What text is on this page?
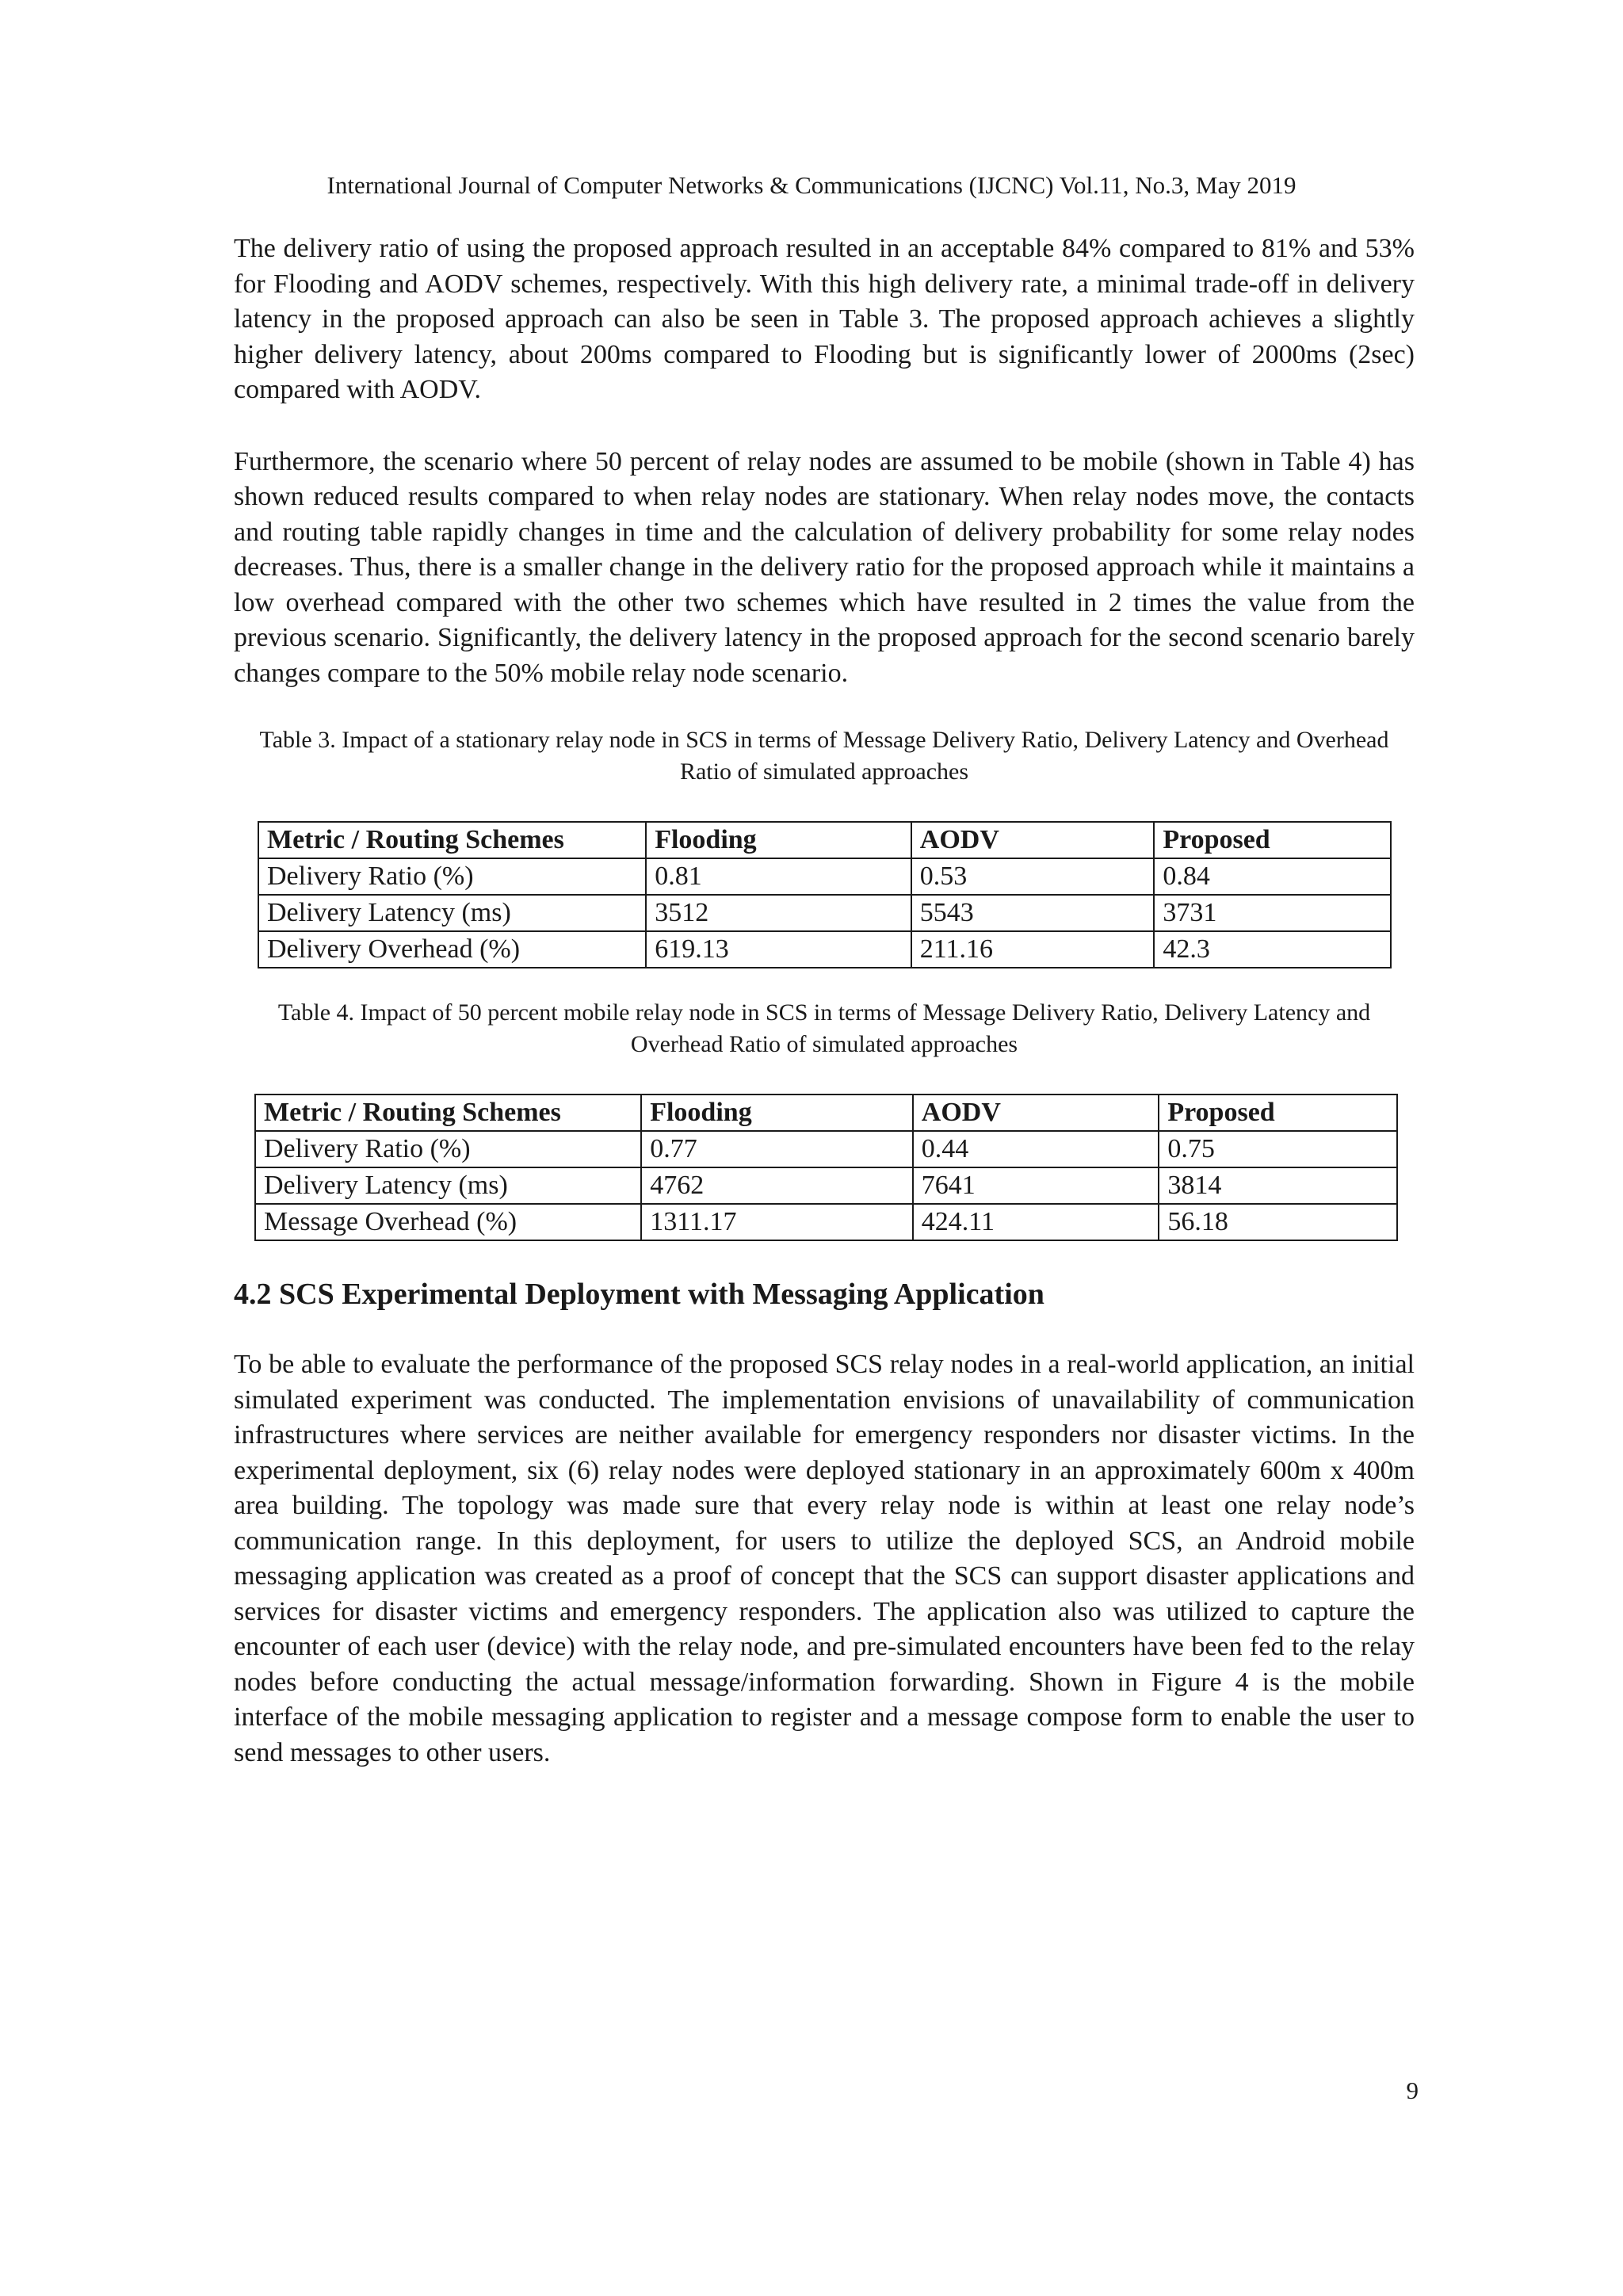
International Journal of Computer Networks & Communications (IJCNC) Vol.11, No.3, May 2019

The delivery ratio of using the proposed approach resulted in an acceptable 84% compared to 81% and 53% for Flooding and AODV schemes, respectively. With this high delivery rate, a minimal trade-off in delivery latency in the proposed approach can also be seen in Table 3. The proposed approach achieves a slightly higher delivery latency, about 200ms compared to Flooding but is significantly lower of 2000ms (2sec) compared with AODV.

Furthermore, the scenario where 50 percent of relay nodes are assumed to be mobile (shown in Table 4) has shown reduced results compared to when relay nodes are stationary. When relay nodes move, the contacts and routing table rapidly changes in time and the calculation of delivery probability for some relay nodes decreases. Thus, there is a smaller change in the delivery ratio for the proposed approach while it maintains a low overhead compared with the other two schemes which have resulted in 2 times the value from the previous scenario. Significantly, the delivery latency in the proposed approach for the second scenario barely changes compare to the 50% mobile relay node scenario.

Table 3. Impact of a stationary relay node in SCS in terms of Message Delivery Ratio, Delivery Latency and Overhead Ratio of simulated approaches

Metric / Routing Schemes	Flooding	AODV	Proposed
Delivery Ratio (%)	0.81	0.53	0.84
Delivery Latency (ms)	3512	5543	3731
Delivery Overhead (%)	619.13	211.16	42.3

Table 4. Impact of 50 percent mobile relay node in SCS in terms of Message Delivery Ratio, Delivery Latency and Overhead Ratio of simulated approaches

Metric / Routing Schemes	Flooding	AODV	Proposed
Delivery Ratio (%)	0.77	0.44	0.75
Delivery Latency (ms)	4762	7641	3814
Message Overhead (%)	1311.17	424.11	56.18
4.2 SCS Experimental Deployment with Messaging Application

To be able to evaluate the performance of the proposed SCS relay nodes in a real-world application, an initial simulated experiment was conducted. The implementation envisions of unavailability of communication infrastructures where services are neither available for emergency responders nor disaster victims. In the experimental deployment, six (6) relay nodes were deployed stationary in an approximately 600m x 400m area building. The topology was made sure that every relay node is within at least one relay node’s communication range. In this deployment, for users to utilize the deployed SCS, an Android mobile messaging application was created as a proof of concept that the SCS can support disaster applications and services for disaster victims and emergency responders. The application also was utilized to capture the encounter of each user (device) with the relay node, and pre-simulated encounters have been fed to the relay nodes before conducting the actual message/information forwarding. Shown in Figure 4 is the mobile interface of the mobile messaging application to register and a message compose form to enable the user to send messages to other users.

9
